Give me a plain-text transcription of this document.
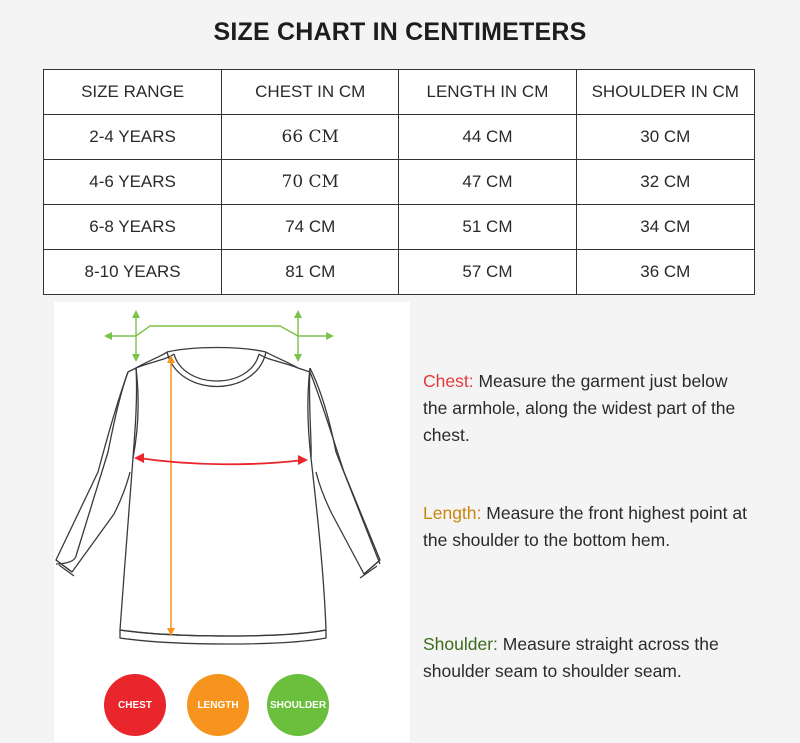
SIZE CHART IN CENTIMETERS
SIZE RANGE	CHEST IN CM	LENGTH IN CM	SHOULDER IN CM
2-4 YEARS	66 CM	44 CM	30 CM
4-6 YEARS	70 CM	47 CM	32 CM
6-8 YEARS	74 CM	51 CM	34 CM
8-10 YEARS	81 CM	57 CM	36 CM
CHEST	LENGTH	SHOULDER
Chest: Measure the garment just below the armhole, along the widest part of the chest.
Length: Measure the front highest point at the shoulder to the bottom hem.
Shoulder: Measure straight across the shoulder seam to shoulder seam.
